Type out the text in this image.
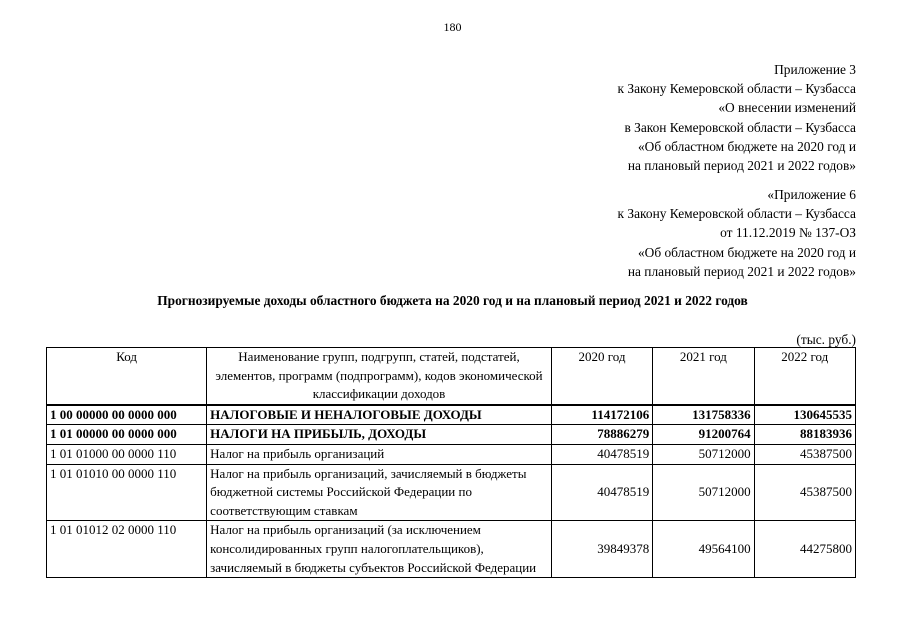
180
Приложение 3
к Закону Кемеровской области – Кузбасса
«О внесении изменений
в Закон Кемеровской области – Кузбасса
«Об областном бюджете на 2020 год и
на плановый период 2021 и 2022 годов»
«Приложение 6
к Закону Кемеровской области – Кузбасса
от 11.12.2019 № 137-ОЗ
«Об областном бюджете на 2020 год и
на плановый период 2021 и 2022 годов»
Прогнозируемые доходы областного бюджета на 2020 год и на плановый период 2021 и 2022 годов
(тыс. руб.)
Код	Наименование групп, подгрупп, статей, подстатей, элементов, программ (подпрограмм), кодов экономической классификации доходов	2020 год	2021 год	2022 год
1 00 00000 00 0000 000	НАЛОГОВЫЕ И НЕНАЛОГОВЫЕ ДОХОДЫ	114172106	131758336	130645535
1 01 00000 00 0000 000	НАЛОГИ НА ПРИБЫЛЬ, ДОХОДЫ	78886279	91200764	88183936
1 01 01000 00 0000 110	Налог на прибыль организаций	40478519	50712000	45387500
1 01 01010 00 0000 110	Налог на прибыль организаций, зачисляемый в бюджеты бюджетной системы Российской Федерации по соответствующим ставкам	40478519	50712000	45387500
1 01 01012 02 0000 110	Налог на прибыль организаций (за исключением консолидированных групп налогоплательщиков), зачисляемый в бюджеты субъектов Российской Федерации	39849378	49564100	44275800
